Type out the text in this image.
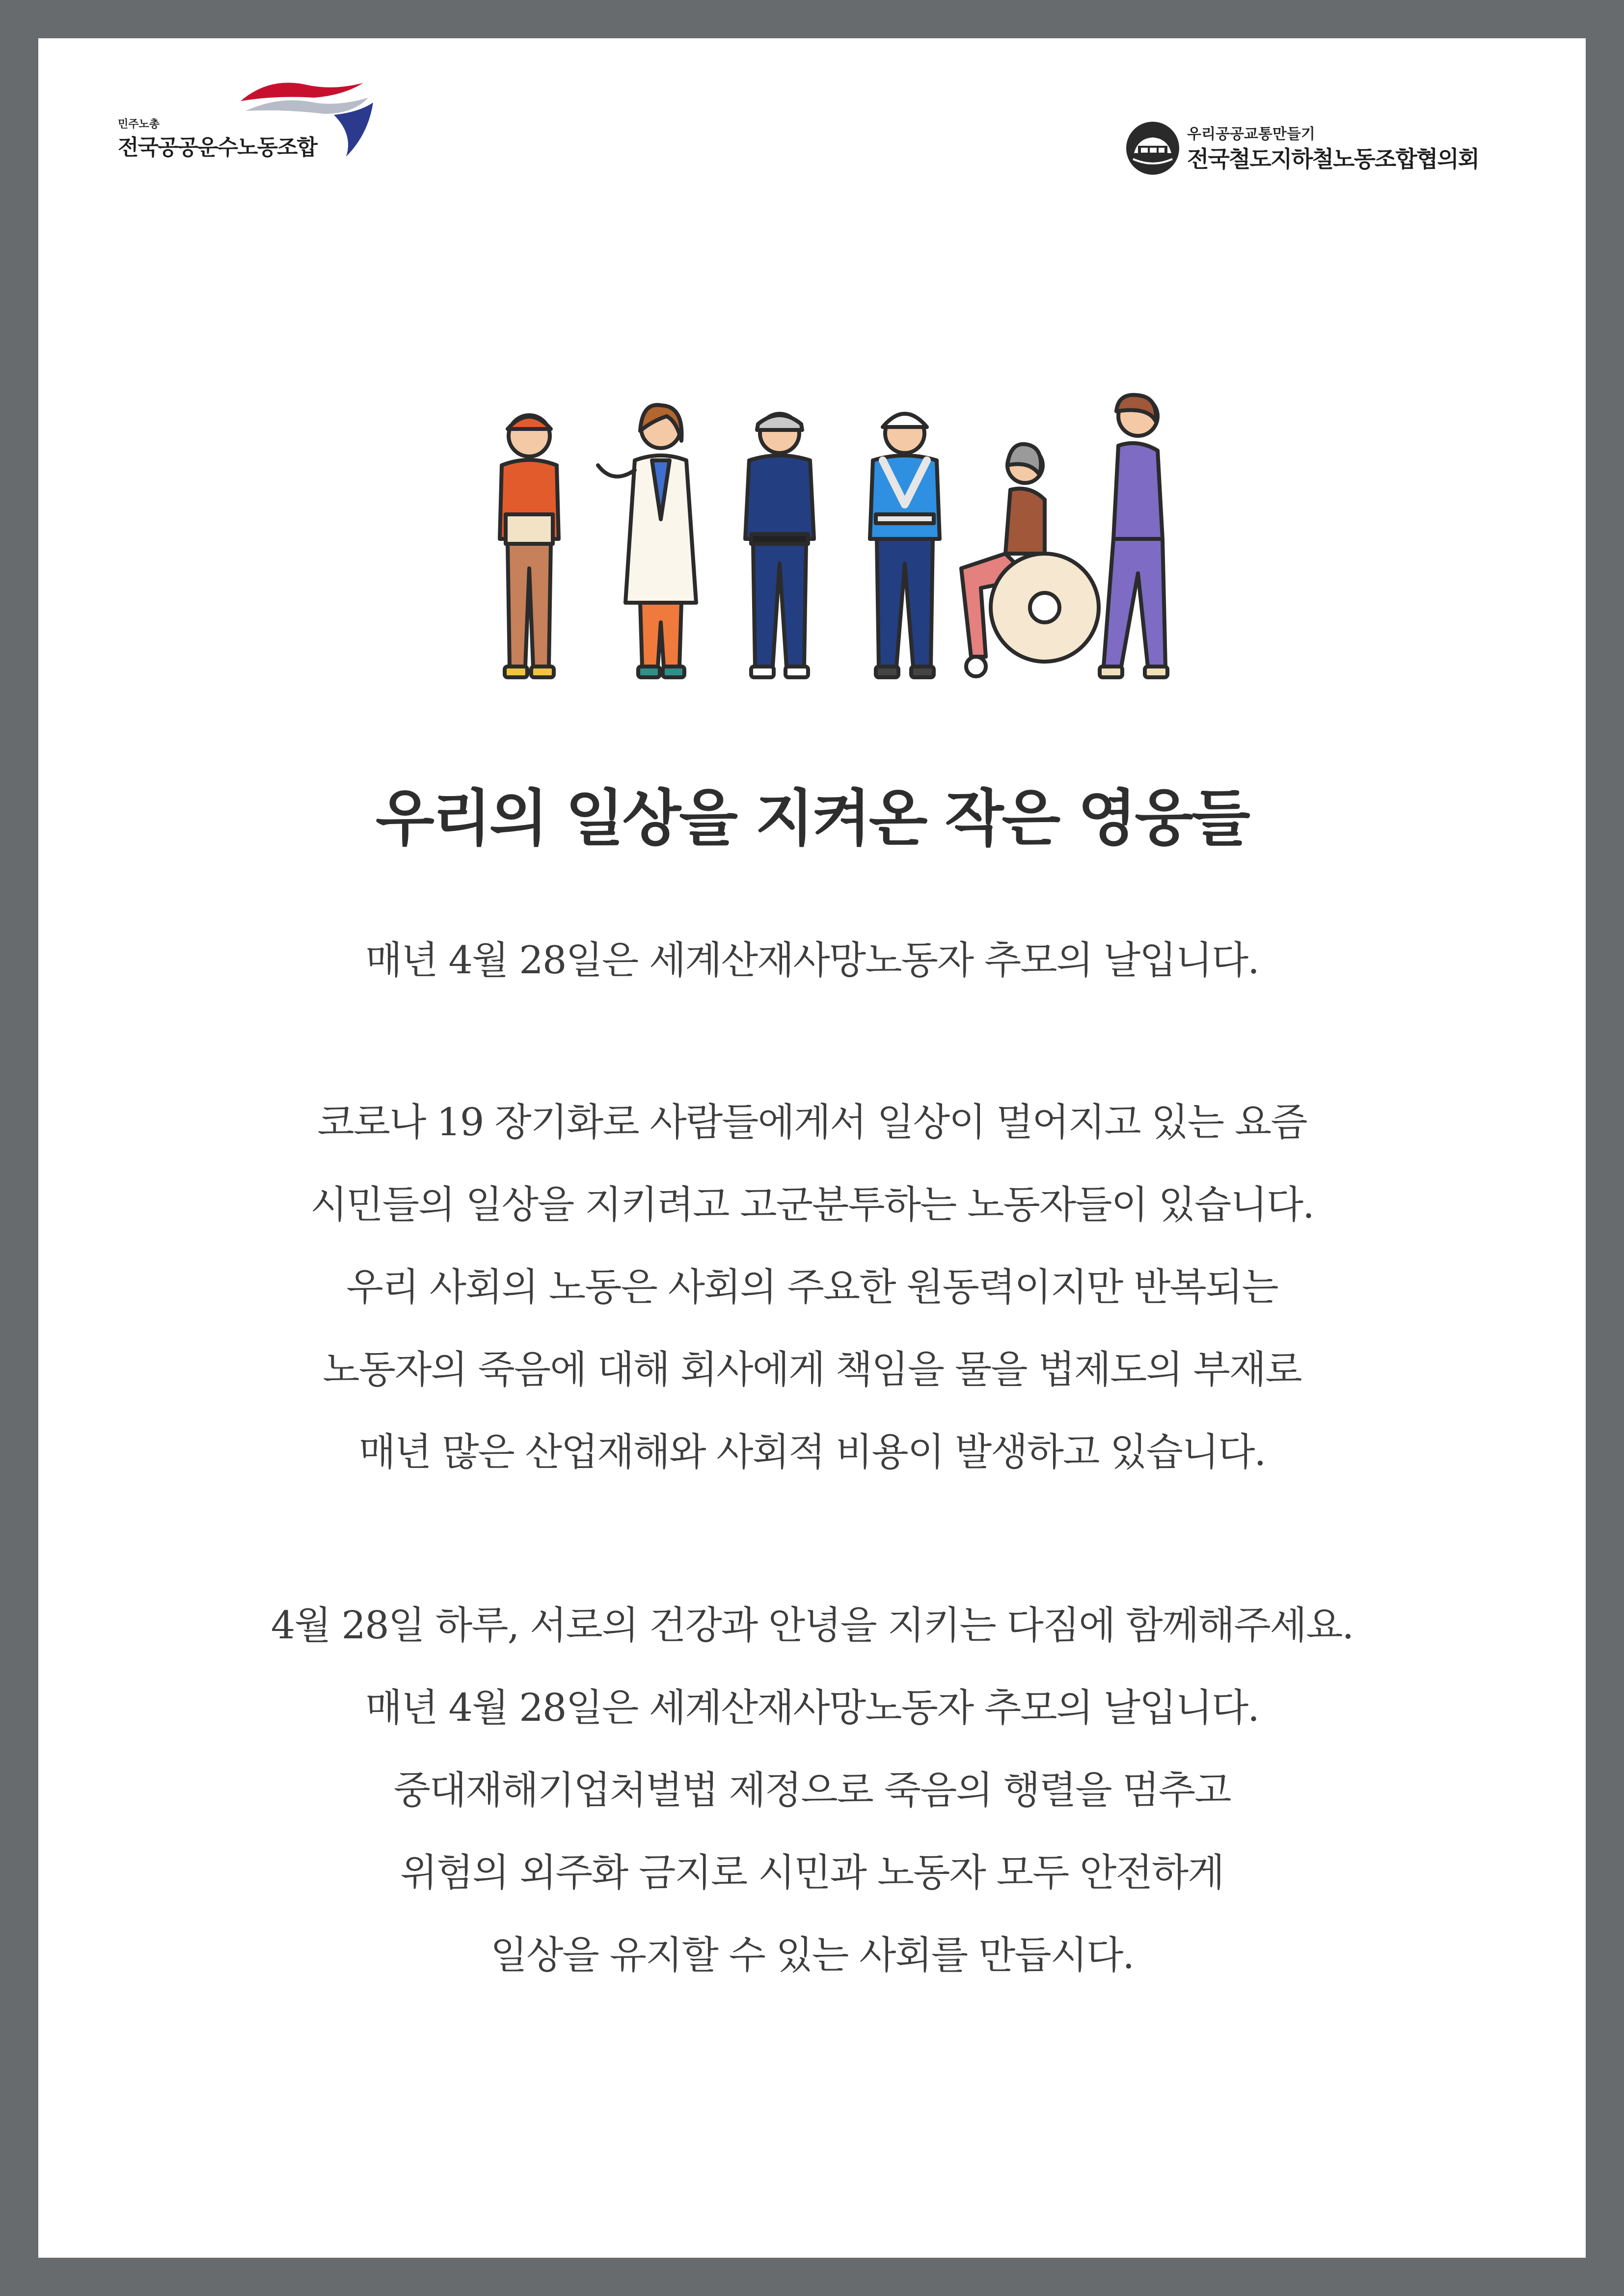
민주노총
전국공공운수노동조합
우리공공교통만들기
전국철도지하철노동조합협의회
우리의 일상을 지켜온 작은 영웅들

매년 4월 28일은 세계산재사망노동자 추모의 날입니다.

코로나 19 장기화로 사람들에게서 일상이 멀어지고 있는 요즘

시민들의 일상을 지키려고 고군분투하는 노동자들이 있습니다.

우리 사회의 노동은 사회의 주요한 원동력이지만 반복되는

노동자의 죽음에 대해 회사에게 책임을 물을 법제도의 부재로

매년 많은 산업재해와 사회적 비용이 발생하고 있습니다.

4월 28일 하루, 서로의 건강과 안녕을 지키는 다짐에 함께해주세요.

매년 4월 28일은 세계산재사망노동자 추모의 날입니다.

중대재해기업처벌법 제정으로 죽음의 행렬을 멈추고

위험의 외주화 금지로 시민과 노동자 모두 안전하게

일상을 유지할 수 있는 사회를 만듭시다.
